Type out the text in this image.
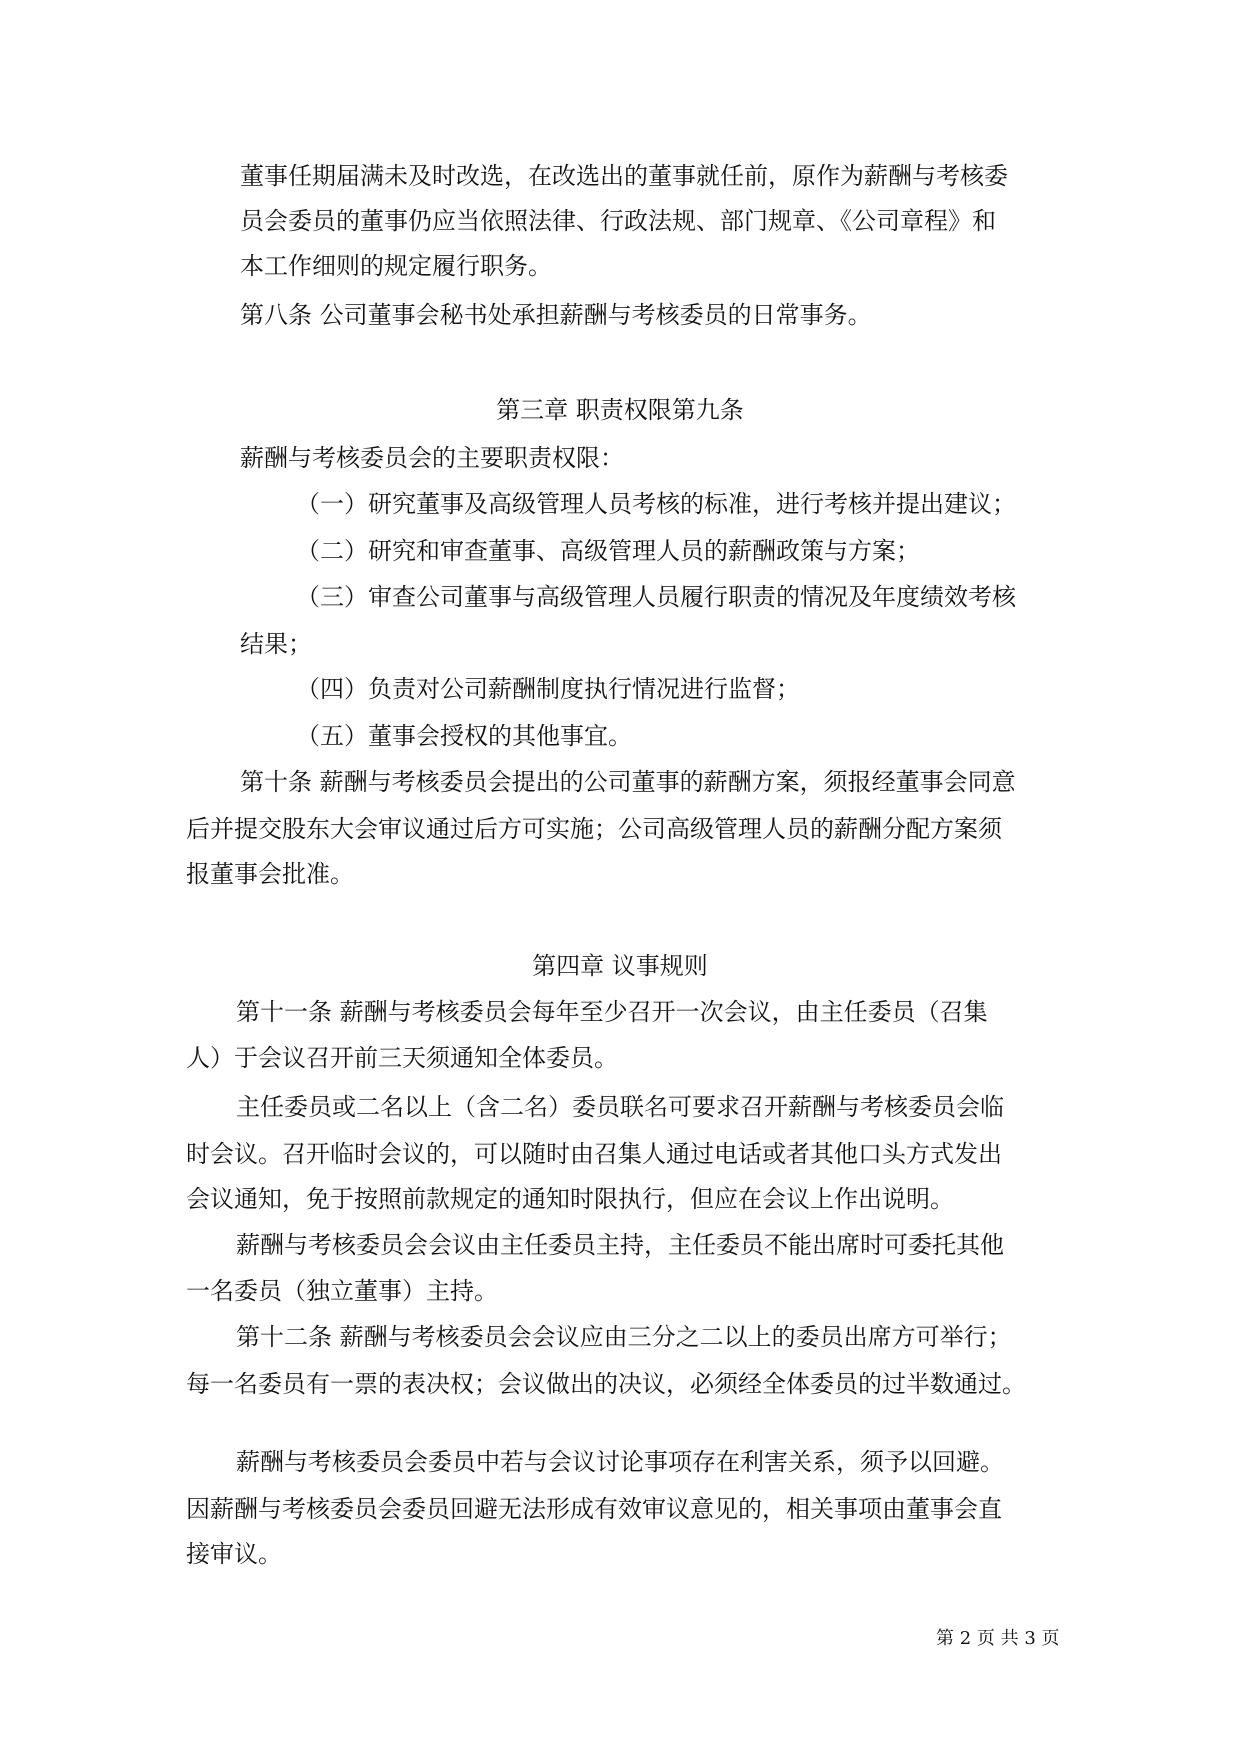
董事任期届满未及时改选，在改选出的董事就任前，原作为薪酬与考核委
员会委员的董事仍应当依照法律、行政法规、部门规章、《公司章程》和
本工作细则的规定履行职务。
第八条 公司董事会秘书处承担薪酬与考核委员的日常事务。
第三章 职责权限第九条
薪酬与考核委员会的主要职责权限：
（一）研究董事及高级管理人员考核的标准，进行考核并提出建议；
（二）研究和审查董事、高级管理人员的薪酬政策与方案；
（三）审查公司董事与高级管理人员履行职责的情况及年度绩效考核
结果；
（四）负责对公司薪酬制度执行情况进行监督；
（五）董事会授权的其他事宜。
第十条 薪酬与考核委员会提出的公司董事的薪酬方案，须报经董事会同意
后并提交股东大会审议通过后方可实施；公司高级管理人员的薪酬分配方案须
报董事会批准。
第四章 议事规则
第十一条 薪酬与考核委员会每年至少召开一次会议，由主任委员（召集
人）于会议召开前三天须通知全体委员。
主任委员或二名以上（含二名）委员联名可要求召开薪酬与考核委员会临
时会议。召开临时会议的，可以随时由召集人通过电话或者其他口头方式发出
会议通知，免于按照前款规定的通知时限执行，但应在会议上作出说明。
薪酬与考核委员会会议由主任委员主持，主任委员不能出席时可委托其他
一名委员（独立董事）主持。
第十二条 薪酬与考核委员会会议应由三分之二以上的委员出席方可举行；
每一名委员有一票的表决权；会议做出的决议，必须经全体委员的过半数通过。
薪酬与考核委员会委员中若与会议讨论事项存在利害关系，须予以回避。
因薪酬与考核委员会委员回避无法形成有效审议意见的，相关事项由董事会直
接审议。
第 2 页 共 3 页
